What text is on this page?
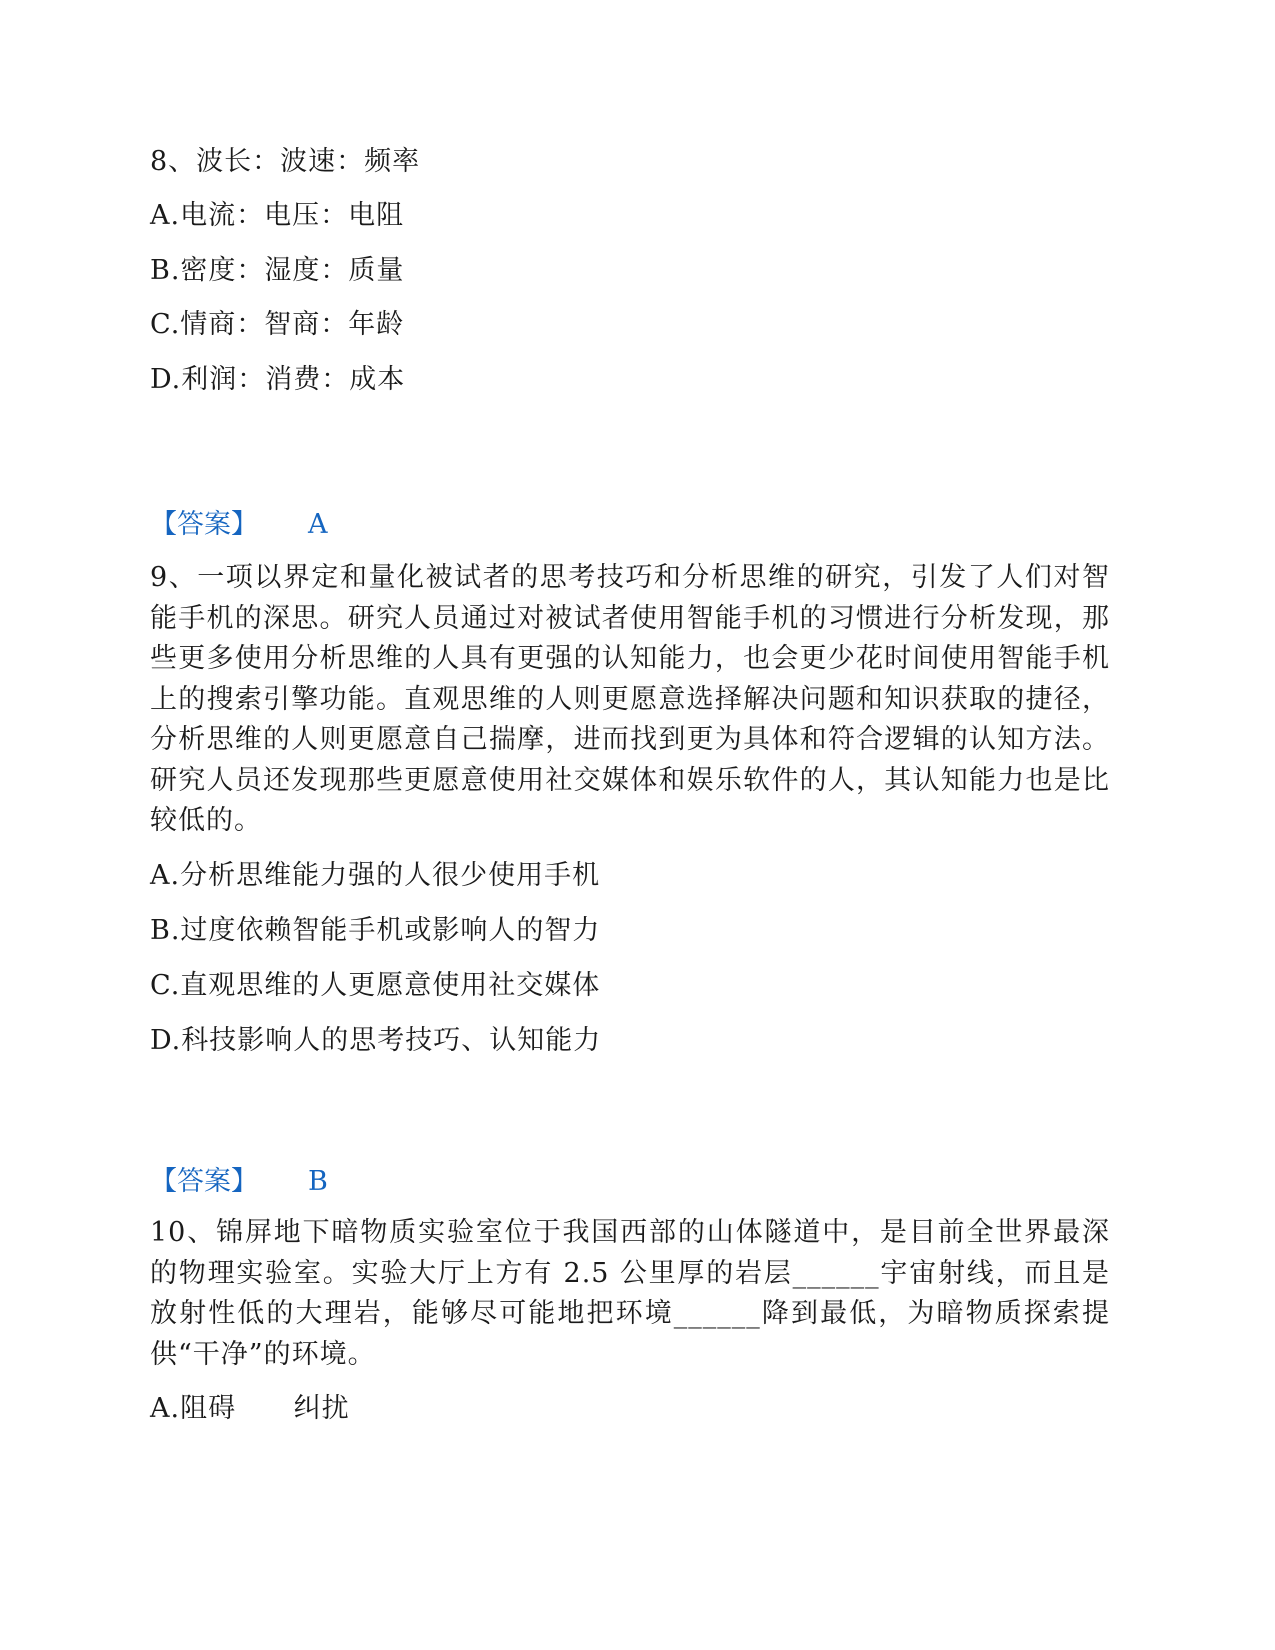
8、波长：波速：频率
A.电流：电压：电阻
B.密度：湿度：质量
C.情商：智商：年龄
D.利润：消费：成本
【答案】 A
9、一项以界定和量化被试者的思考技巧和分析思维的研究，引发了人们对智能手机的深思。研究人员通过对被试者使用智能手机的习惯进行分析发现，那些更多使用分析思维的人具有更强的认知能力，也会更少花时间使用智能手机上的搜索引擎功能。直观思维的人则更愿意选择解决问题和知识获取的捷径，分析思维的人则更愿意自己揣摩，进而找到更为具体和符合逻辑的认知方法。研究人员还发现那些更愿意使用社交媒体和娱乐软件的人，其认知能力也是比较低的。
A.分析思维能力强的人很少使用手机
B.过度依赖智能手机或影响人的智力
C.直观思维的人更愿意使用社交媒体
D.科技影响人的思考技巧、认知能力
【答案】 B
10、锦屏地下暗物质实验室位于我国西部的山体隧道中，是目前全世界最深的物理实验室。实验大厅上方有 2.5 公里厚的岩层______宇宙射线，而且是放射性低的大理岩，能够尽可能地把环境______降到最低，为暗物质探索提供“干净”的环境。
A.阻碍      纠扰
